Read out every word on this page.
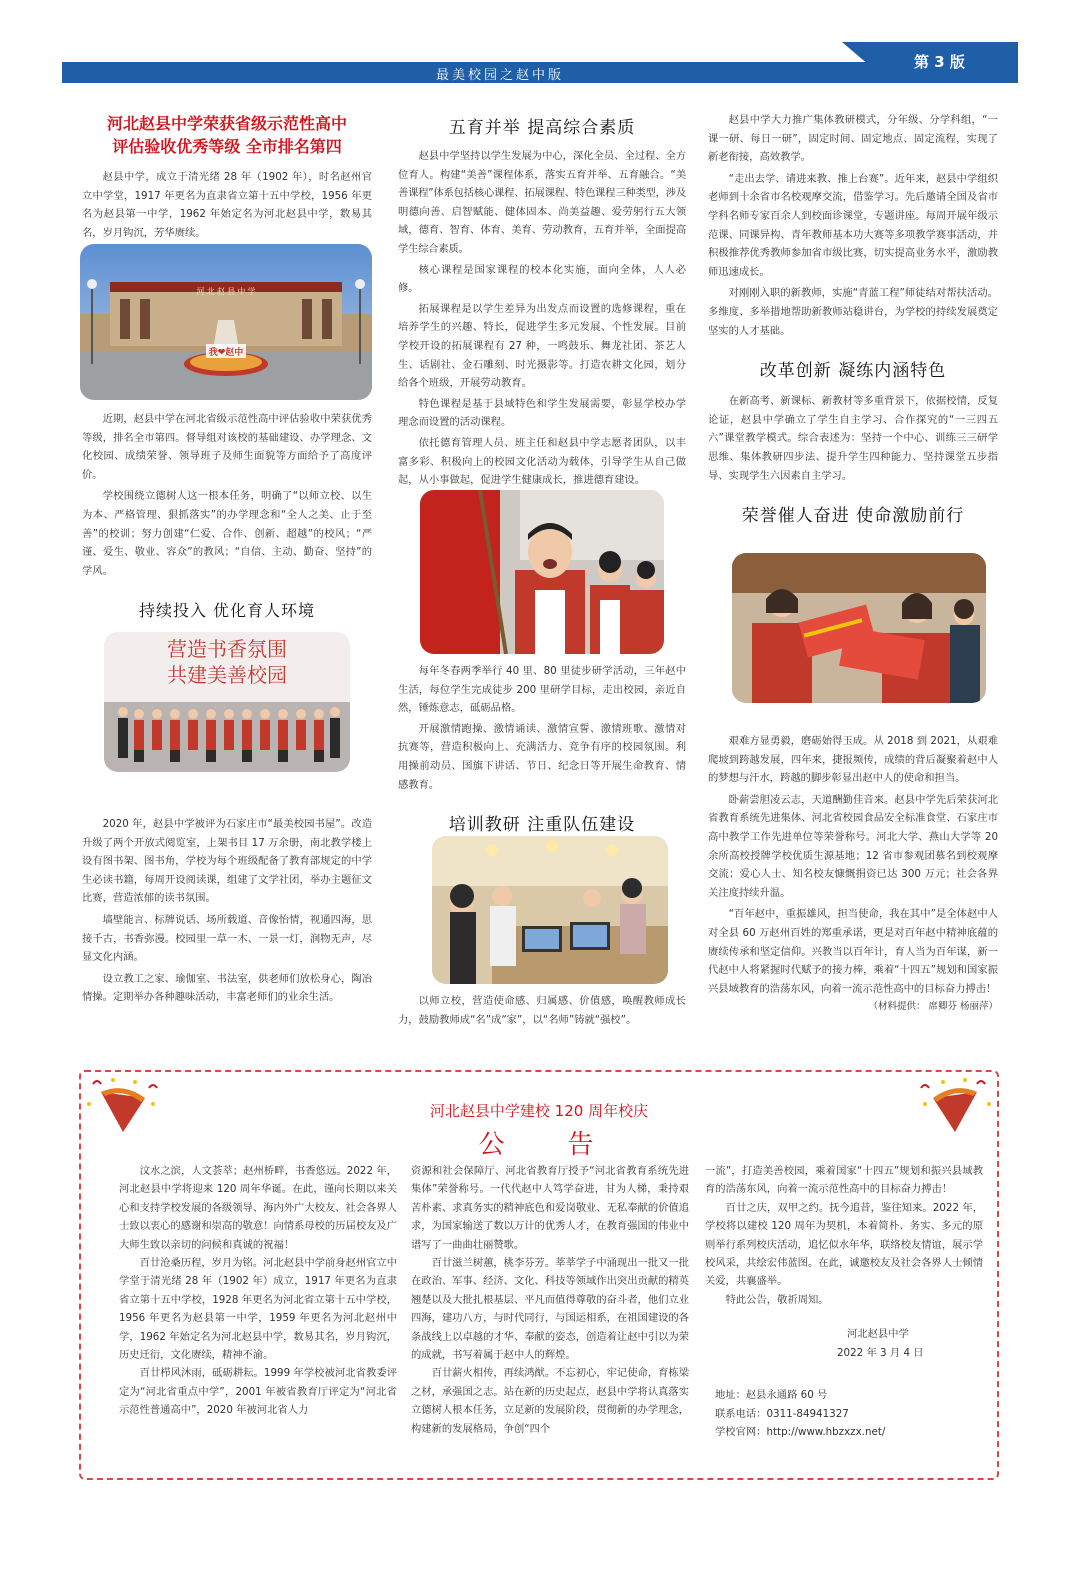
最美校园之赵中版
第 3 版
河北赵县中学荣获省级示范性高中
评估验收优秀等级 全市排名第四
赵县中学，成立于清光绪 28 年（1902 年），时名赵州官立中学堂，1917 年更名为直隶省立第十五中学校，1956 年更名为赵县第一中学，1962 年始定名为河北赵县中学，数易其名，岁月钩沉，芳华赓续。
河 北 赵 县 中 学
我❤赵中
近期，赵县中学在河北省级示范性高中评估验收中荣获优秀等级，排名全市第四。督导组对该校的基础建设、办学理念、文化校园、成绩荣誉、领导班子及师生面貌等方面给予了高度评价。
学校围绕立德树人这一根本任务，明确了“以师立校、以生为本、严格管理、狠抓落实”的办学理念和“全人之美、止于至善”的校训；努力创建“仁爱、合作、创新、超越”的校风；“严谨、爱生、敬业、容众”的教风；“自信、主动、勤奋、坚持”的学风。
持续投入 优化育人环境
营造书香氛围
共建美善校园
2020 年，赵县中学被评为石家庄市“最美校园书屋”。改造升级了两个开放式阅览室，上架书目 17 万余册，南北教学楼上设有图书架、图书角，学校为每个班级配备了教育部规定的中学生必读书籍，每周开设阅读课，组建了文学社团，举办主题征文比赛，营造浓郁的读书氛围。
墙壁能言、标牌说话、场所载道、音像怡情，视通四海，思接千古，书香弥漫。校园里一草一木、一景一灯，润物无声，尽显文化内涵。
设立教工之家、瑜伽室、书法室，供老师们放松身心，陶冶情操。定期举办各种趣味活动，丰富老师们的业余生活。
五育并举 提高综合素质
赵县中学坚持以学生发展为中心，深化全员、全过程、全方位育人。构建“美善”课程体系，落实五育并举、五育融合。“美善课程”体系包括核心课程、拓展课程、特色课程三种类型，涉及明德向善、启智赋能、健体固本、尚美益趣、爱劳躬行五大领域，德育、智育、体育、美育、劳动教育，五育并举，全面提高学生综合素质。
核心课程是国家课程的校本化实施，面向全体，人人必修。
拓展课程是以学生差异为出发点而设置的选修课程，重在培养学生的兴趣、特长，促进学生多元发展、个性发展。目前学校开设的拓展课程有 27 种，一鸣鼓乐、舞龙社团、茶艺人生、话剧社、金石雕刻、时光摄影等。打造农耕文化园，划分给各个班级，开展劳动教育。
特色课程是基于县域特色和学生发展需要，彰显学校办学理念而设置的活动课程。
依托德育管理人员、班主任和赵县中学志愿者团队，以丰富多彩、积极向上的校园文化活动为载体，引导学生从自己做起，从小事做起，促进学生健康成长，推进德育建设。
每年冬春两季举行 40 里、80 里徒步研学活动，三年赵中生活，每位学生完成徒步 200 里研学目标，走出校园，亲近自然，锤炼意志，砥砺品格。
开展激情跑操、激情诵读、激情宣誓、激情班歌、激情对抗赛等，营造积极向上、充满活力、竞争有序的校园氛围。利用操前动员、国旗下讲话、节日、纪念日等开展生命教育、情感教育。
培训教研 注重队伍建设
以师立校，营造使命感、归属感、价值感，唤醒教师成长力，鼓励教师成“名”成“家”，以“名师”铸就“强校”。
赵县中学大力推广集体教研模式，分年级、分学科组，“一课一研、每日一研”，固定时间、固定地点、固定流程，实现了新老衔接，高效教学。
“走出去学、请进来教、推上台赛”。近年来，赵县中学组织老师到十余省市名校观摩交流，借鉴学习。先后邀请全国及省市学科名师专家百余人到校面诊课堂，专题讲座。每周开展年级示范课、同课异构、青年教师基本功大赛等多项教学赛事活动，并积极推荐优秀教师参加省市级比赛，切实提高业务水平，激励教师迅速成长。
对刚刚入职的新教师，实施“青蓝工程”师徒结对帮扶活动。多维度、多举措地帮助新教师站稳讲台，为学校的持续发展奠定坚实的人才基础。
改革创新 凝练内涵特色
在新高考、新课标、新教材等多重背景下，依据校情，反复论证，赵县中学确立了学生自主学习、合作探究的“一三四五六”课堂教学模式。综合表述为：坚持一个中心、训练三三研学思维、集体教研四步法、提升学生四种能力、坚持课堂五步指导、实现学生六因素自主学习。
荣誉催人奋进 使命激励前行
艰难方显勇毅，磨砺始得玉成。从 2018 到 2021，从艰难爬坡到跨越发展，四年来，捷报频传，成绩的背后凝聚着赵中人的梦想与汗水，跨越的脚步彰显出赵中人的使命和担当。
卧薪尝胆凌云志，天道酬勤佳音来。赵县中学先后荣获河北省教育系统先进集体、河北省校园食品安全标准食堂、石家庄市高中教学工作先进单位等荣誉称号。河北大学、燕山大学等 20 余所高校授牌学校优质生源基地；12 省市参观团慕名到校观摩交流；爱心人士、知名校友慷慨捐资已达 300 万元；社会各界关注度持续升温。
“百年赵中，重振雄风，担当使命，我在其中”是全体赵中人对全县 60 万赵州百姓的郑重承诺，更是对百年赵中精神底蕴的赓续传承和坚定信仰。兴教当以百年计，育人当为百年谋，新一代赵中人将紧握时代赋予的接力棒，乘着“十四五”规划和国家振兴县域教育的浩荡东风，向着一流示范性高中的目标奋力搏击！
（材料提供： 席卿芬 杨丽萍）
河北赵县中学建校 120 周年校庆
公    告
汶水之滨，人文荟萃；赵州桥畔，书香悠远。2022 年，河北赵县中学将迎来 120 周年华诞。在此，谨向长期以来关心和支持学校发展的各级领导、海内外广大校友、社会各界人士致以衷心的感谢和崇高的敬意！向情系母校的历届校友及广大师生致以亲切的问候和真诚的祝福！
百廿沧桑历程，岁月为铭。河北赵县中学前身赵州官立中学堂于清光绪 28 年（1902 年）成立，1917 年更名为直隶省立第十五中学校，1928 年更名为河北省立第十五中学校，1956 年更名为赵县第一中学，1959 年更名为河北赵州中学，1962 年始定名为河北赵县中学，数易其名，岁月钩沉，历史迁衍，文化赓续，精神不渝。
百廿栉风沐雨，砥砺耕耘。1999 年学校被河北省教委评定为“河北省重点中学”，2001 年被省教育厅评定为“河北省示范性普通高中”，2020 年被河北省人力
资源和社会保障厅、河北省教育厅授予“河北省教育系统先进集体”荣誉称号。一代代赵中人笃学奋进，甘为人梯，秉持艰苦朴素、求真务实的精神底色和爱岗敬业、无私奉献的价值追求，为国家输送了数以万计的优秀人才，在教育强国的伟业中谱写了一曲曲壮丽赞歌。
百廿滋兰树蕙，桃李芬芳。莘莘学子中涌现出一批又一批在政治、军事、经济、文化、科技等领域作出突出贡献的精英翘楚以及大批扎根基层、平凡而值得尊敬的奋斗者，他们立业四海，建功八方，与时代同行，与国运相系，在祖国建设的各条战线上以卓越的才华、奉献的姿态，创造着让赵中引以为荣的成就，书写着属于赵中人的辉煌。
百廿薪火相传，再续鸿猷。不忘初心，牢记使命，育栋梁之材，承强国之志。站在新的历史起点，赵县中学将认真落实立德树人根本任务，立足新的发展阶段，贯彻新的办学理念，构建新的发展格局，争创“四个
一流”，打造美善校园，乘着国家“十四五”规划和振兴县域教育的浩荡东风，向着一流示范性高中的目标奋力搏击！
百廿之庆，双甲之约。抚今追昔，鉴往知来。2022 年，学校将以建校 120 周年为契机，本着简朴、务实、多元的原则举行系列校庆活动，追忆似水年华，联络校友情谊，展示学校风采，共绘宏伟蓝图。在此，诚邀校友及社会各界人士倾情关爱，共襄盛举。
特此公告，敬祈周知。
河北赵县中学
2022 年 3 月 4 日
地址：赵县永通路 60 号
联系电话：0311-84941327
学校官网：http://www.hbzxzx.net/
